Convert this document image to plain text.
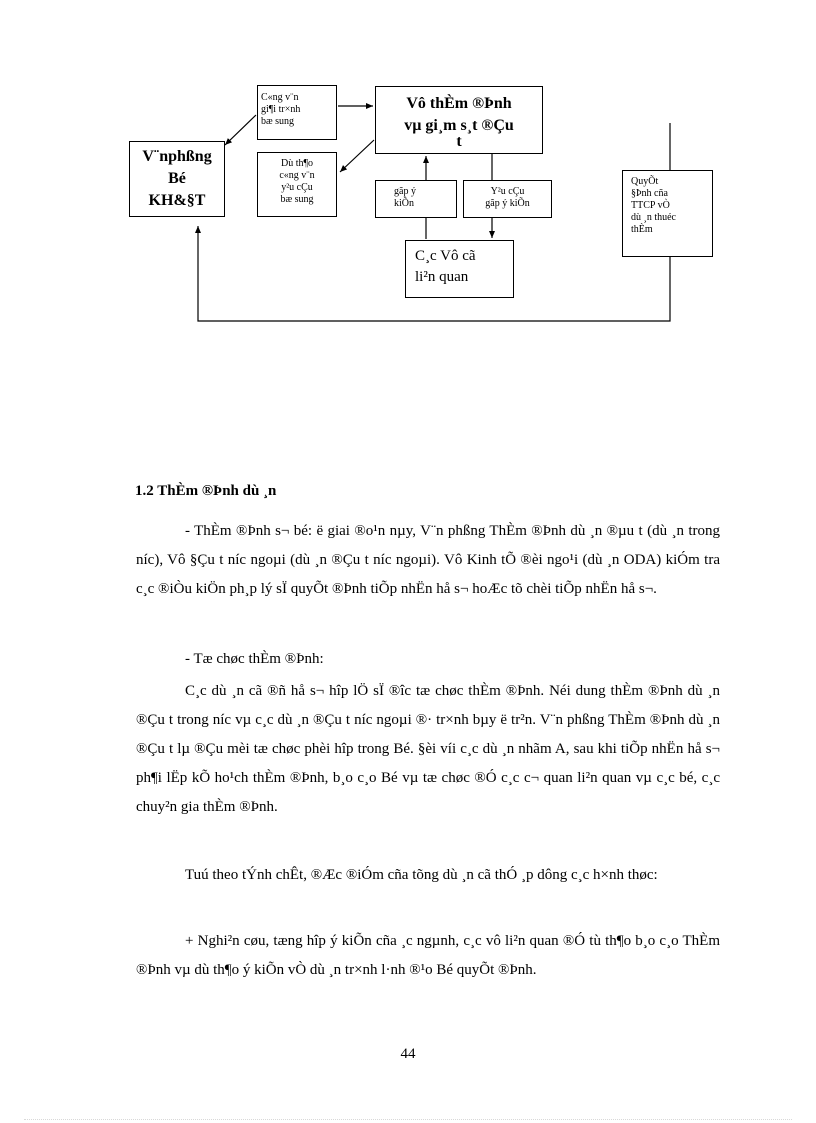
V¨nphßng
Bé
KH&§T
C«ng v¨n
gi¶i tr×nh
bæ sung
Dù th¶o
c«ng v¨n
y²u cÇu
bæ sung
Vô thÈm ®Þnh
vµ gi¸m s¸t ®Çu
t
gãp ý
kiÕn
Y²u cÇu
gãp ý kiÕn
C¸c Vô cã
li²n quan
QuyÕt
§Þnh cña
TTCP vÒ
dù ¸n thuéc
thÈm
1.2 ThÈm ®Þnh dù ¸n

- ThÈm ®Þnh s¬ bé: ë giai ®o¹n nµy, V¨n phßng ThÈm ®Þnh dù ¸n ®µu t (dù ¸n trong níc), Vô §Çu t níc ngoµi (dù ¸n ®Çu t níc ngoµi). Vô Kinh tÕ ®èi ngo¹i (dù ¸n ODA) kiÓm tra c¸c ®iÒu kiÖn ph¸p lý sÏ quyÕt ®Þnh tiÕp nhËn hå s¬ hoÆc tõ chèi tiÕp nhËn hå s¬.

- Tæ chøc thÈm ®Þnh:

C¸c dù ¸n cã ®ñ hå s¬ hîp lÖ sÏ ®îc tæ chøc thÈm ®Þnh. Néi dung thÈm ®Þnh dù ¸n ®Çu t trong níc vµ c¸c dù ¸n ®Çu t níc ngoµi ®· tr×nh bµy ë tr²n. V¨n phßng ThÈm ®Þnh dù ¸n ®Çu t lµ ®Çu mèi tæ chøc phèi hîp trong Bé. §èi víi c¸c dù ¸n nhãm A, sau khi tiÕp nhËn hå s¬ ph¶i lËp kÕ ho¹ch thÈm ®Þnh, b¸o c¸o Bé vµ tæ chøc ®Ó c¸c c¬ quan li²n quan vµ c¸c bé, c¸c chuy²n gia thÈm ®Þnh.

Tuú theo tÝnh chÊt, ®Æc ®iÓm cña tõng dù ¸n cã thÓ ¸p dông c¸c h×nh thøc:

+ Nghi²n cøu, tæng hîp ý kiÕn cña ¸c ngµnh, c¸c vô li²n quan ®Ó tù th¶o b¸o c¸o ThÈm ®Þnh vµ dù th¶o ý kiÕn vÒ dù ¸n tr×nh l·nh ®¹o Bé quyÕt ®Þnh.

44
